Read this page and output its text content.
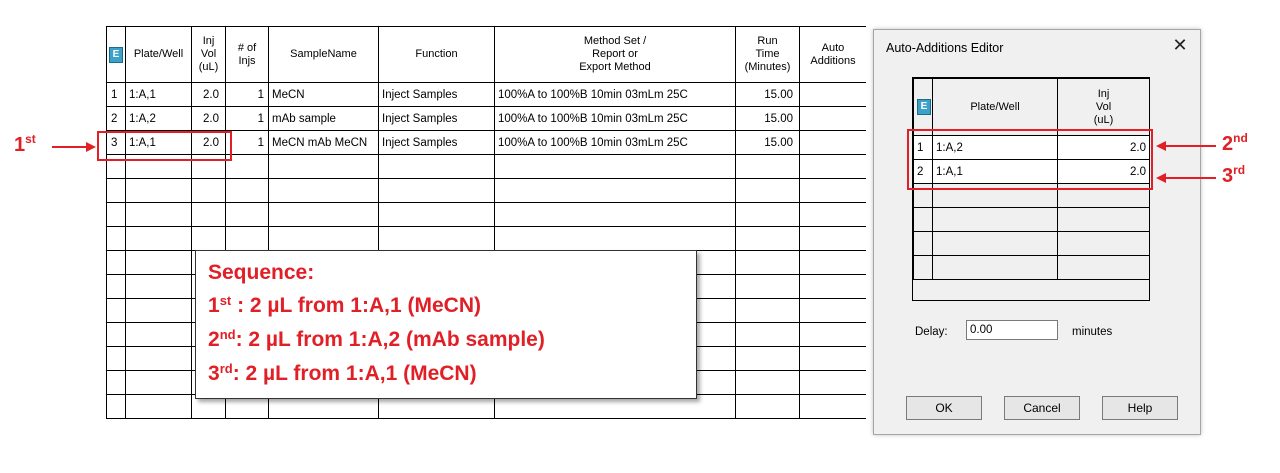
E	Plate/Well	Inj
Vol
(uL)	# of
Injs	SampleName	Function	Method Set /
Report or
Export Method	Run
Time
(Minutes)	Auto
Additions
1	1:A,1	2.0	1	MeCN	Inject Samples	100%A to 100%B 10min 03mLm 25C	15.00	
2	1:A,2	2.0	1	mAb sample	Inject Samples	100%A to 100%B 10min 03mLm 25C	15.00	
3	1:A,1	2.0	1	MeCN mAb MeCN	Inject Samples	100%A to 100%B 10min 03mLm 25C	15.00	

1st
Sequence:
1st : 2 µL from 1:A,1 (MeCN)
2nd: 2 µL from 1:A,2 (mAb sample)
3rd: 2 µL from 1:A,1 (MeCN)
Auto-Additions Editor	✕
E	Plate/Well	Inj
Vol
(uL)
1	1:A,2	2.0
2	1:A,1	2.0

Delay:
0.00	minutes
OK	Cancel	Help
2nd
3rd
